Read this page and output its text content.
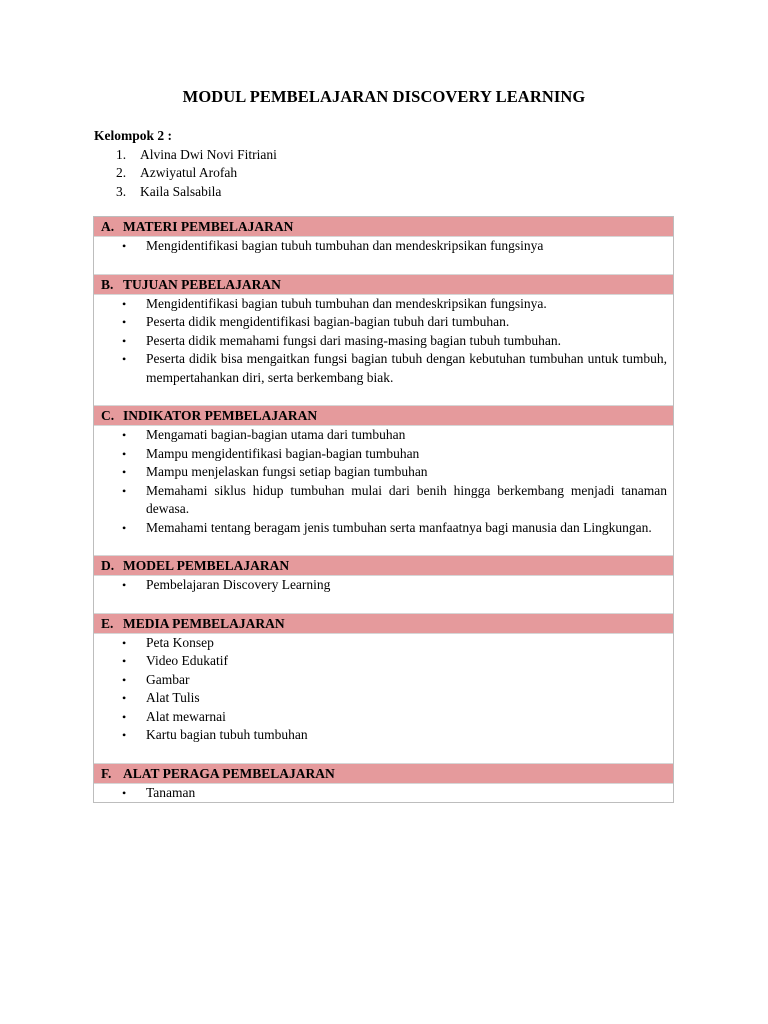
MODUL PEMBELAJARAN DISCOVERY LEARNING
Kelompok 2 :
1. Alvina Dwi Novi Fitriani
2. Azwiyatul Arofah
3. Kaila Salsabila
A. MATERI PEMBELAJARAN
• Mengidentifikasi bagian tubuh tumbuhan dan mendeskripsikan fungsinya
B. TUJUAN PEBELAJARAN
• Mengidentifikasi bagian tubuh tumbuhan dan mendeskripsikan fungsinya.
• Peserta didik mengidentifikasi bagian-bagian tubuh dari tumbuhan.
• Peserta didik memahami fungsi dari masing-masing bagian tubuh tumbuhan.
• Peserta didik bisa mengaitkan fungsi bagian tubuh dengan kebutuhan tumbuhan untuk tumbuh, mempertahankan diri, serta berkembang biak.
C. INDIKATOR PEMBELAJARAN
• Mengamati bagian-bagian utama dari tumbuhan
• Mampu mengidentifikasi bagian-bagian tumbuhan
• Mampu menjelaskan fungsi setiap bagian tumbuhan
• Memahami siklus hidup tumbuhan mulai dari benih hingga berkembang menjadi tanaman dewasa.
• Memahami tentang beragam jenis tumbuhan serta manfaatnya bagi manusia dan Lingkungan.
D. MODEL PEMBELAJARAN
• Pembelajaran Discovery Learning
E. MEDIA PEMBELAJARAN
• Peta Konsep
• Video Edukatif
• Gambar
• Alat Tulis
• Alat mewarnai
• Kartu bagian tubuh tumbuhan
F. ALAT PERAGA PEMBELAJARAN
• Tanaman
